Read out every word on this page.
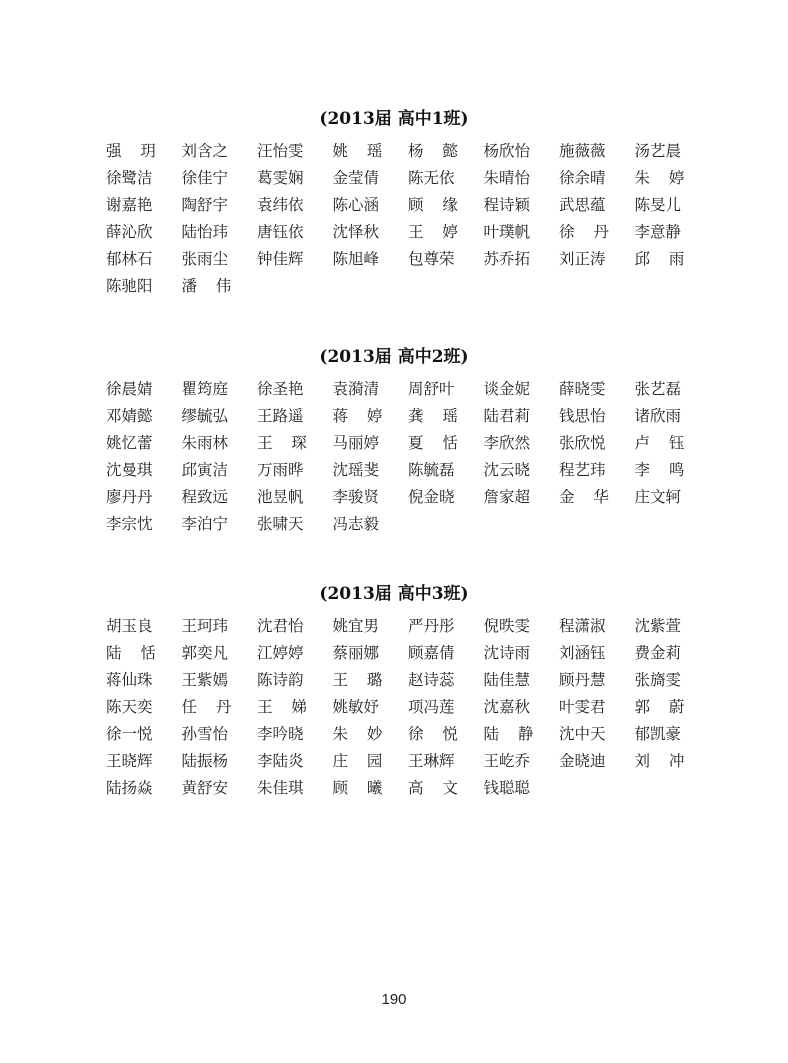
(2013届 高中1班)
强 玥	刘含之	汪怡雯	姚 瑶	杨 懿	杨欣怡	施薇薇	汤艺晨
徐鹭洁	徐佳宁	葛雯娴	金莹倩	陈无依	朱晴怡	徐余晴	朱 婷
谢嘉艳	陶舒宇	袁纬依	陈心涵	顾 缘	程诗颖	武思蕴	陈旻儿
薛沁欣	陆怡玮	唐钰依	沈怿秋	王 婷	叶璞帆	徐 丹	李意静
郁林石	张雨尘	钟佳辉	陈旭峰	包尊荣	苏乔拓	刘正涛	邱 雨
陈驰阳	潘 伟
(2013届 高中2班)
徐晨婧	瞿筠庭	徐圣艳	袁漪清	周舒叶	谈金妮	薛晓雯	张艺磊
邓婧懿	缪毓弘	王路遥	蒋 婷	龚 瑶	陆君莉	钱思怡	诸欣雨
姚忆蕾	朱雨林	王 琛	马丽婷	夏 恬	李欣然	张欣悦	卢 钰
沈曼琪	邱寅洁	万雨晔	沈瑶斐	陈毓磊	沈云晓	程艺玮	李 鸣
廖丹丹	程致远	池昱帆	李骏贤	倪金晓	詹家超	金 华	庄文轲
李宗忱	李泊宁	张啸天	冯志毅
(2013届 高中3班)
胡玉良	王珂玮	沈君怡	姚宜男	严丹彤	倪昳雯	程潇淑	沈紫萱
陆 恬	郭奕凡	江婷婷	蔡丽娜	顾嘉倩	沈诗雨	刘涵钰	费金莉
蒋仙珠	王紫嫣	陈诗韵	王 璐	赵诗蕊	陆佳慧	顾丹慧	张旖雯
陈天奕	任 丹	王 娣	姚敏妤	项冯莲	沈嘉秋	叶雯君	郭 蔚
徐一悦	孙雪怡	李吟晓	朱 妙	徐 悦	陆 静	沈中天	郁凯豪
王晓辉	陆振杨	李陆炎	庄 园	王琳辉	王屹乔	金晓迪	刘 冲
陆扬焱	黄舒安	朱佳琪	顾 曦	高 文	钱聪聪
190
